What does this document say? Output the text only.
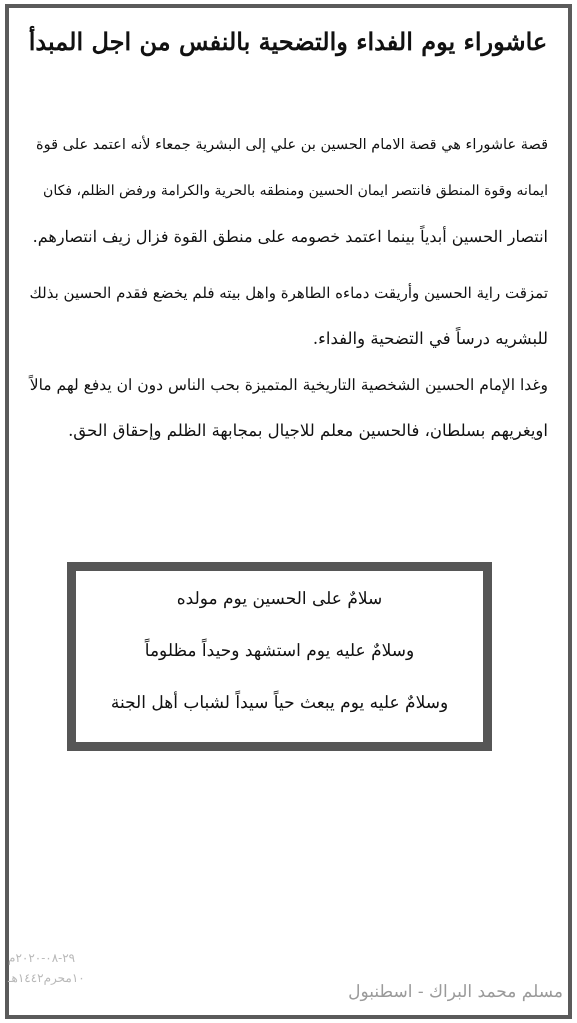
عاشوراء يوم الفداء والتضحية بالنفس من اجل المبدأ
قصة عاشوراء هي قصة الامام الحسين بن علي إلى البشرية جمعاء لأنه اعتمد على قوة
ايمانه وقوة المنطق فانتصر ايمان الحسين ومنطقه بالحرية والكرامة ورفض الظلم، فكان
انتصار الحسين أبدياً بينما اعتمد خصومه على منطق القوة فزال زيف انتصارهم.
تمزقت راية الحسين وأريقت دماءه الطاهرة واهل بيته فلم يخضع فقدم الحسين بذلك
للبشريه درساً في التضحية والفداء.
وغدا الإمام الحسين الشخصية التاريخية المتميزة بحب الناس دون ان يدفع لهم مالاً
اويغريهم بسلطان، فالحسين معلم للاجيال بمجابهة الظلم وإحقاق الحق.
سلامٌ على الحسين يوم مولده
وسلامٌ عليه يوم استشهد وحيداً مظلوماً
وسلامٌ عليه يوم يبعث حياً سيداً لشباب أهل الجنة
٢٩-٠٨-٢٠٢٠م
١٠محرم١٤٤٢هـ
مسلم محمد البراك - اسطنبول
